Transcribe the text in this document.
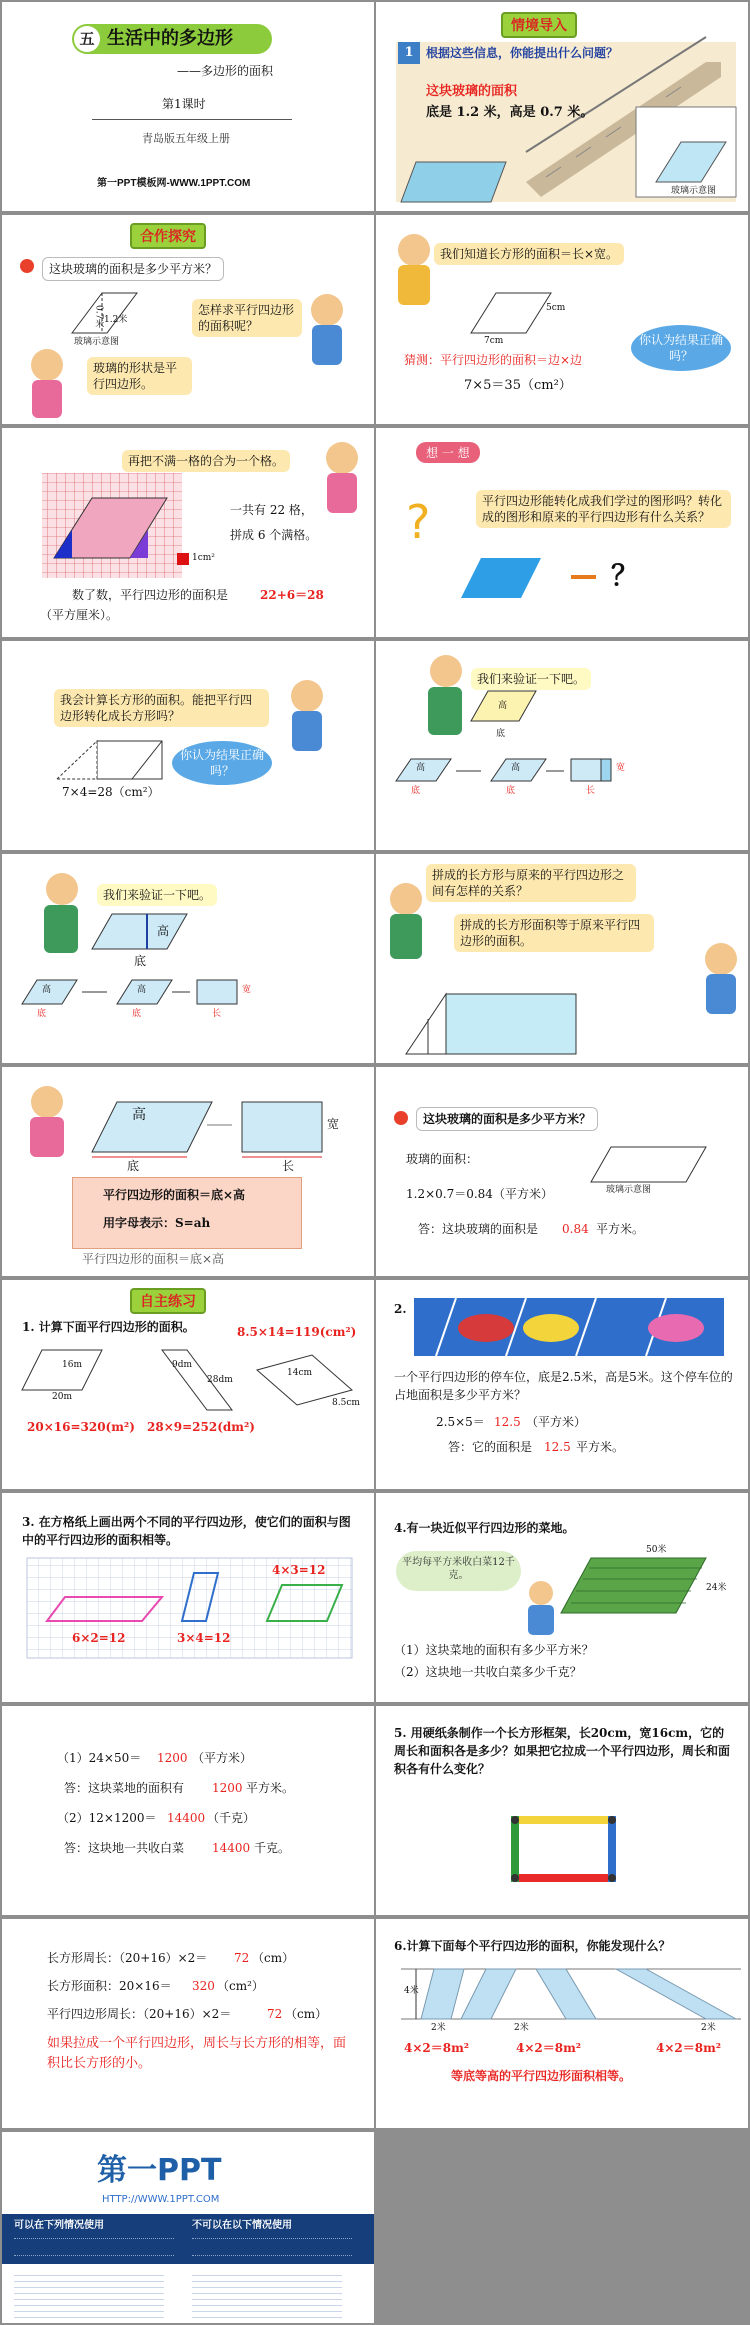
五 生活中的多边形
——多边形的面积
第1课时
青岛版五年级上册
第一PPT模板网-WWW.1PPT.COM
情境导入
1	根据这些信息，你能提出什么问题？
这块玻璃的面积
底是 1.2 米，高是 0.7 米。
玻璃示意图
合作探究
这块玻璃的面积是多少平方米？
1.2米
0.7米
玻璃示意图
怎样求平行四边形的面积呢？
玻璃的形状是平行四边形。
我们知道长方形的面积＝长×宽。
7cm
5cm
猜测：平行四边形的面积＝边×边
7×5＝35（cm²）
你认为结果正确吗？
再把不满一格的合为一个格。
一共有 22 格，
拼成 6 个满格。
1cm²
数了数，平行四边形的面积是	22+6＝28
（平方厘米）。
想 一 想
?	平行四边形能转化成我们学过的图形吗？转化成的图形和原来的平行四边形有什么关系？
？
我会计算长方形的面积。能把平行四边形转化成长方形吗？
7×4=28（cm²）
你认为结果正确吗？
我们来验证一下吧。
高
底
高	高	宽
底	底	长
我们来验证一下吧。
高
底
高	高	宽
底	底	长
拼成的长方形与原来的平行四边形之间有怎样的关系？
拼成的长方形面积等于原来平行四边形的面积。
高
底
宽
长
平行四边形的面积＝底×高
平行四边形的面积＝底×高
用字母表示：S=ah
这块玻璃的面积是多少平方米？
玻璃示意图
玻璃的面积：
1.2×0.7＝0.84（平方米）
答：这块玻璃的面积是 0.84 平方米。
自主练习
1. 计算下面平行四边形的面积。
16m
20m
9dm
28dm
14cm
8.5cm
20×16=320(m²) 28×9=252(dm²)
8.5×14=119(cm²)
2.
一个平行四边形的停车位，底是2.5米，高是5米。这个停车位的占地面积是多少平方米？
2.5×5＝ 12.5 （平方米）
答：它的面积是 12.5 平方米。
3. 在方格纸上画出两个不同的平行四边形，使它们的面积与图中的平行四边形的面积相等。
6×2=12	3×4=12
4×3=12
4.有一块近似平行四边形的菜地。
平均每平方米收白菜12千克。
50米
24米
（1）这块菜地的面积有多少平方米？
（2）这块地一共收白菜多少千克？
（1）24×50＝ 1200 （平方米）
答：这块菜地的面积有 1200 平方米。
（2）12×1200＝ 14400 （千克）
答：这块地一共收白菜 14400 千克。
5. 用硬纸条制作一个长方形框架，长20cm，宽16cm，它的周长和面积各是多少？如果把它拉成一个平行四边形，周长和面积各有什么变化？
长方形周长：（20+16）×2＝ 72 （cm）
长方形面积：20×16＝ 320 （cm²）
平行四边形周长：（20+16）×2＝	72 （cm）
如果拉成一个平行四边形，周长与长方形的相等，面积比长方形的小。
6.计算下面每个平行四边形的面积，你能发现什么？
4米
2米	2米	2米
4×2＝8m²	4×2＝8m²	4×2＝8m²
等底等高的平行四边形面积相等。
第一PPT
HTTP://WWW.1PPT.COM
可以在下列情况使用	不可以在以下情况使用
